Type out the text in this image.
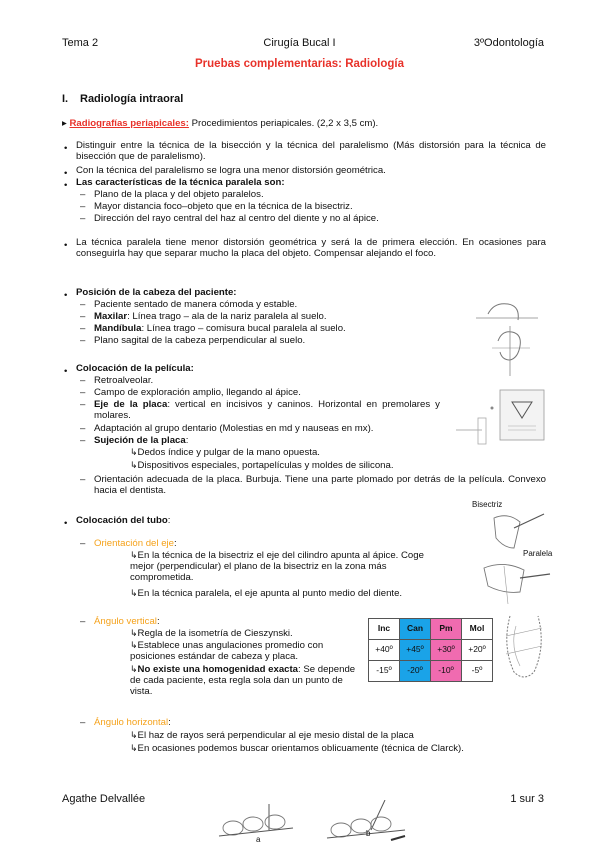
Tema 2	Cirugía Bucal I	3ºOdontología
Pruebas complementarias: Radiología
I. Radiología intraoral
▸ Radiografías periapicales: Procedimientos periapicales. (2,2 x 3,5 cm).
• Distinguir entre la técnica de la bisección y la técnica del paralelismo (Más distorsión para la técnica de bisección que de paralelismo).

• Con la técnica del paralelismo se logra una menor distorsión geométrica.

• Las características de la técnica paralela son:

– Plano de la placa y del objeto paralelos.

– Mayor distancia foco–objeto que en la técnica de la bisectriz.

– Dirección del rayo central del haz al centro del diente y no al ápice.

• La técnica paralela tiene menor distorsión geométrica y será la de primera elección. En ocasiones para conseguirla hay que separar mucho la placa del objeto. Compensar alejando el foco.

• Posición de la cabeza del paciente:

– Paciente sentado de manera cómoda y estable.

– Maxilar: Línea trago – ala de la nariz paralela al suelo.

– Mandíbula: Línea trago – comisura bucal paralela al suelo.

– Plano sagital de la cabeza perpendicular al suelo.

• Colocación de la película:

– Retroalveolar.

– Campo de exploración amplio, llegando al ápice.

– Eje de la placa: vertical en incisivos y caninos. Horizontal en premolares y molares.

– Adaptación al grupo dentario (Molestias en md y nauseas en mx).

– Sujeción de la placa:

↳Dedos índice y pulgar de la mano opuesta.

↳Dispositivos especiales, portapelículas y moldes de silicona.

– Orientación adecuada de la placa. Burbuja. Tiene una parte plomado por detrás de la película. Convexo hacia el dentista.

• Colocación del tubo:

– Orientación del eje:

↳En la técnica de la bisectriz el eje del cilindro apunta al ápice. Coge mejor (perpendicular) el plano de la bisectriz en la zona más comprometida.

↳En la técnica paralela, el eje apunta al punto medio del diente.

Bisectriz
Paralela
– Ángulo vertical:

↳Regla de la isometría de Cieszynski.

↳Establece unas angulaciones promedio con posiciones estándar de cabeza y placa.

↳No existe una homogenidad exacta: Se depende de cada paciente, esta regla sola dan un punto de vista.

Inc	Can	Pm	Mol
+40º	+45º	+30º	+20º
-15º	-20º	-10º	-5º
– Ángulo horizontal:

↳El haz de rayos será perpendicular al eje mesio distal de la placa

↳En ocasiones podemos buscar orientamos oblicuamente (técnica de Clarck).

Agathe Delvallée	1 sur 3
a
b
